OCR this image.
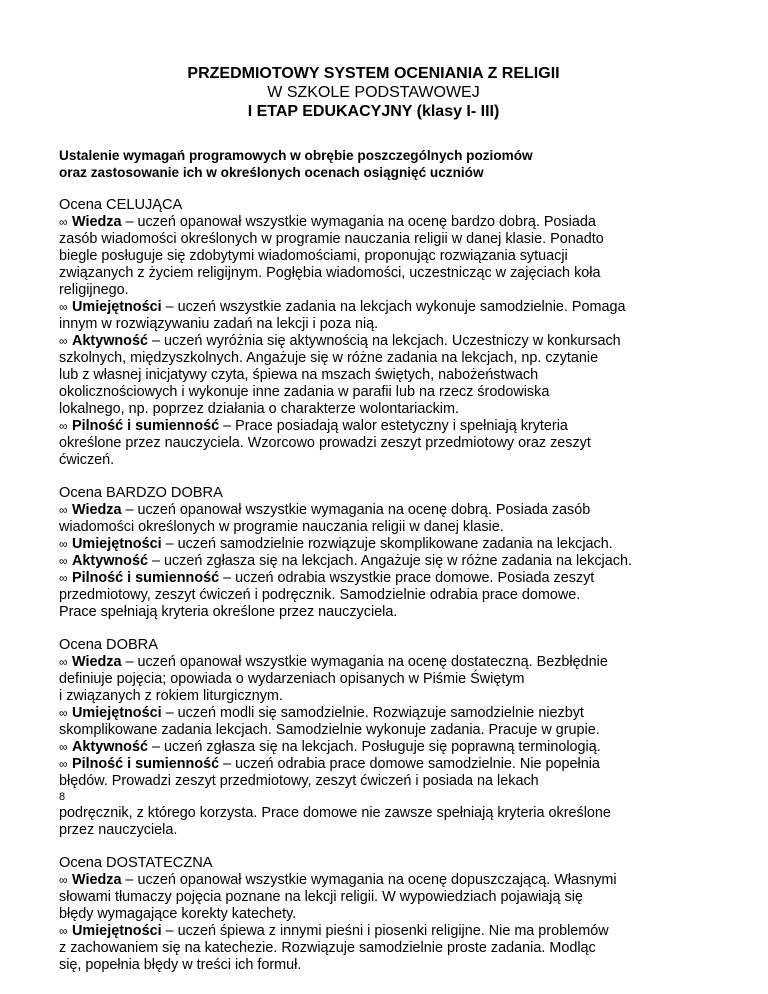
PRZEDMIOTOWY SYSTEM OCENIANIA Z RELIGII
W SZKOLE PODSTAWOWEJ
I ETAP EDUKACYJNY (klasy I- III)
Ustalenie wymagań programowych w obrębie poszczególnych poziomów
oraz zastosowanie ich w określonych ocenach osiągnięć uczniów
Ocena CELUJĄCA
∞ Wiedza – uczeń opanował wszystkie wymagania na ocenę bardzo dobrą. Posiada
zasób wiadomości określonych w programie nauczania religii w danej klasie. Ponadto
biegle posługuje się zdobytymi wiadomościami, proponując rozwiązania sytuacji
związanych z życiem religijnym. Pogłębia wiadomości, uczestnicząc w zajęciach koła
religijnego.
∞ Umiejętności – uczeń wszystkie zadania na lekcjach wykonuje samodzielnie. Pomaga
innym w rozwiązywaniu zadań na lekcji i poza nią.
∞ Aktywność – uczeń wyróżnia się aktywnością na lekcjach. Uczestniczy w konkursach
szkolnych, międzyszkolnych. Angażuje się w różne zadania na lekcjach, np. czytanie
lub z własnej inicjatywy czyta, śpiewa na mszach świętych, nabożeństwach
okolicznościowych i wykonuje inne zadania w parafii lub na rzecz środowiska
lokalnego, np. poprzez działania o charakterze wolontariackim.
∞ Pilność i sumienność – Prace posiadają walor estetyczny i spełniają kryteria
określone przez nauczyciela. Wzorcowo prowadzi zeszyt przedmiotowy oraz zeszyt
ćwiczeń.
Ocena BARDZO DOBRA
∞ Wiedza – uczeń opanował wszystkie wymagania na ocenę dobrą. Posiada zasób
wiadomości określonych w programie nauczania religii w danej klasie.
∞ Umiejętności – uczeń samodzielnie rozwiązuje skomplikowane zadania na lekcjach.
∞ Aktywność – uczeń zgłasza się na lekcjach. Angażuje się w różne zadania na lekcjach.
∞ Pilność i sumienność – uczeń odrabia wszystkie prace domowe. Posiada zeszyt
przedmiotowy, zeszyt ćwiczeń i podręcznik. Samodzielnie odrabia prace domowe.
Prace spełniają kryteria określone przez nauczyciela.
Ocena DOBRA
∞ Wiedza – uczeń opanował wszystkie wymagania na ocenę dostateczną. Bezbłędnie
definiuje pojęcia; opowiada o wydarzeniach opisanych w Piśmie Świętym
i związanych z rokiem liturgicznym.
∞ Umiejętności – uczeń modli się samodzielnie. Rozwiązuje samodzielnie niezbyt
skomplikowane zadania lekcjach. Samodzielnie wykonuje zadania. Pracuje w grupie.
∞ Aktywność – uczeń zgłasza się na lekcjach. Posługuje się poprawną terminologią.
∞ Pilność i sumienność – uczeń odrabia prace domowe samodzielnie. Nie popełnia
błędów. Prowadzi zeszyt przedmiotowy, zeszyt ćwiczeń i posiada na lekach
8
podręcznik, z którego korzysta. Prace domowe nie zawsze spełniają kryteria określone
przez nauczyciela.
Ocena DOSTATECZNA
∞ Wiedza – uczeń opanował wszystkie wymagania na ocenę dopuszczającą. Własnymi
słowami tłumaczy pojęcia poznane na lekcji religii. W wypowiedziach pojawiają się
błędy wymagające korekty katechety.
∞ Umiejętności – uczeń śpiewa z innymi pieśni i piosenki religijne. Nie ma problemów
z zachowaniem się na katechezie. Rozwiązuje samodzielnie proste zadania. Modląc
się, popełnia błędy w treści ich formuł.
